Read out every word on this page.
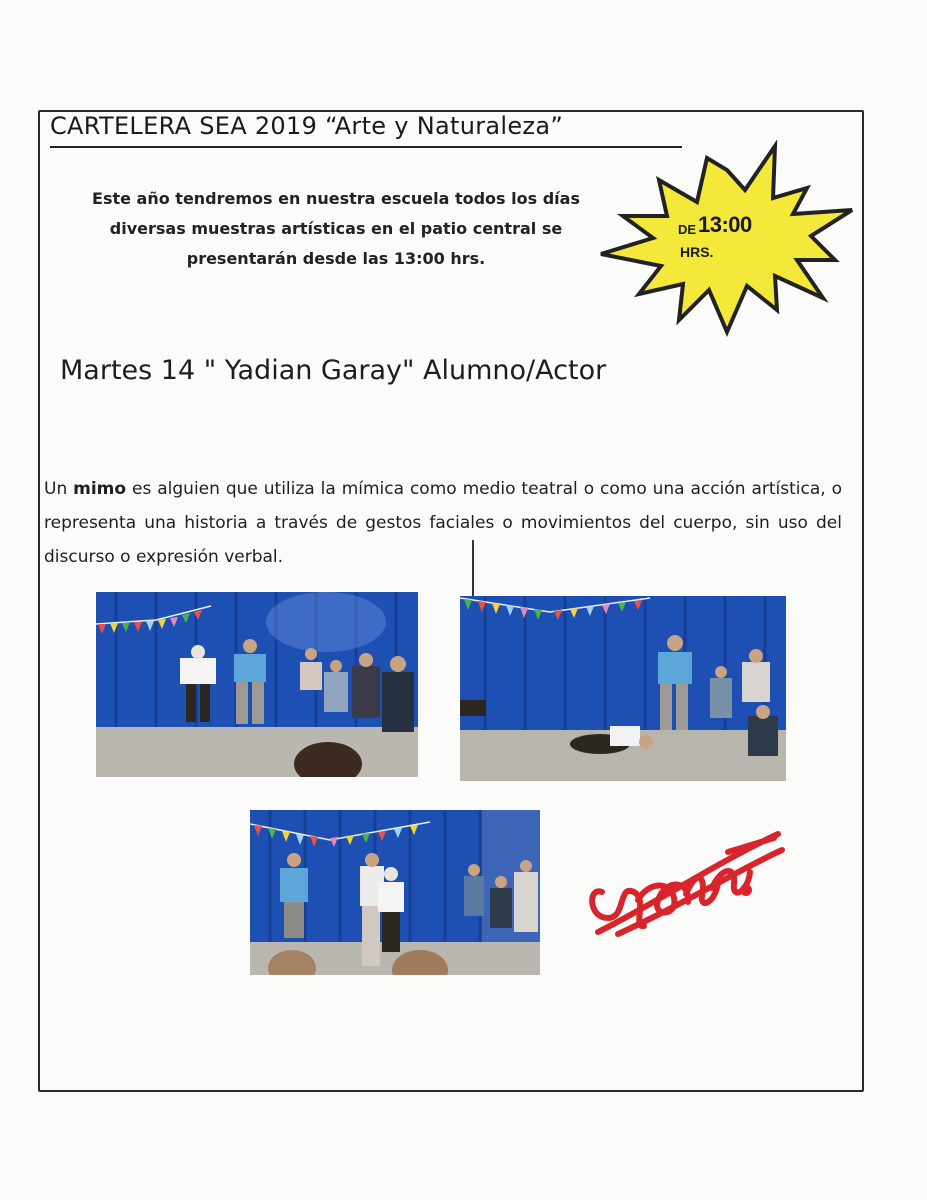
CARTELERA SEA 2019 “Arte y Naturaleza”

Este año tendremos en nuestra escuela todos los días
diversas muestras artísticas en el patio central se
presentarán desde las 13:00 hrs.

DE 13:00
HRS.
Martes 14 " Yadian Garay" Alumno/Actor

Un mimo es alguien que utiliza la mímica como medio teatral o como una acción artística, o representa una historia a través de gestos faciales o movimientos del cuerpo, sin uso del discurso o expresión verbal.
